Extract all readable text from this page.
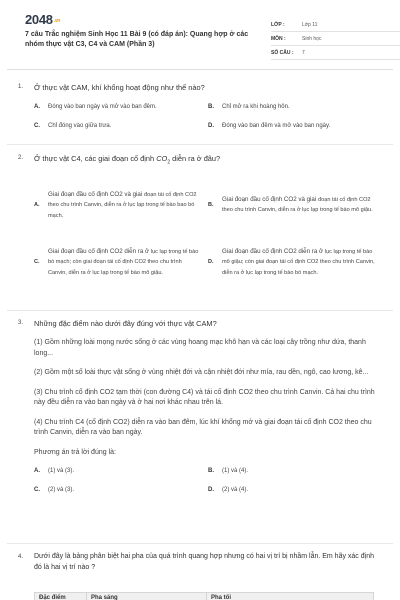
$2048^{.vn}$
7 câu Trắc nghiệm Sinh Học 11 Bài 9 (có đáp án): Quang hợp ở các nhóm thực vật C3, C4 và CAM (Phần 3)
LỚP :	Lớp 11
MÔN :	Sinh học
SỐ CÂU :	7
1.	Ở thực vật CAM, khí khổng hoạt động như thế nào?
A.	Đóng vào ban ngày và mở vào ban đêm.	B.	Chỉ mở ra khi hoàng hôn.
C.	Chỉ đóng vào giữa trưa.	D.	Đóng vào ban đêm và mở vào ban ngày.
2.	Ở thực vật C4, các giai đoạn cố định $CO_2$ diễn ra ở đâu?
A.
Giai đoạn đầu cố định CO2 và giai đoạn tái cố định CO2 theo chu trình Canvin, diễn ra ở lục lạp trong tế bào bao bó mạch.
B.
Giai đoạn đầu cố định CO2 và giai đoạn tái cố định CO2 theo chu trình Canvin, diễn ra ở lục lạp trong tế bào mô giậu.
C.
Giai đoạn đầu cố định CO2 diễn ra ở lục lạp trong tế bào bó mạch; còn giai đoạn tái cố định CO2 theo chu trình Canvin, diễn ra ở lục lạp trong tế bào mô giậu.
D.
Giai đoạn đầu cố định CO2 diễn ra ở lục lạp trong tế bào mô giậu; còn giai đoạn tái cố định CO2 theo chu trình Canvin, diễn ra ở lục lạp trong tế bào bó mạch.
3.	Những đặc điểm nào dưới đây đúng với thực vật CAM?
(1) Gồm những loài mọng nước sống ở các vùng hoang mạc khô hạn và các loại cây trồng như dứa, thanh long...
(2) Gồm một số loài thực vật sống ở vùng nhiệt đới và cận nhiệt đới như mía, rau dền, ngô, cao lương, kê...
(3) Chu trình cố định CO2 tạm thời (con đường C4) và tái cố định CO2 theo chu trình Canvin. Cả hai chu trình này đều diễn ra vào ban ngày và ở hai nơi khác nhau trên lá.
(4) Chu trình C4 (cố định CO2) diễn ra vào ban đêm, lúc khí khổng mở và giai đoạn tái cố định CO2 theo chu trình Canvin, diễn ra vào ban ngày.
Phương án trả lời đúng là:
A.	(1) và (3).	B.	(1) và (4).
C.	(2) và (3).	D.	(2) và (4).
4.	Dưới đây là bảng phân biệt hai pha của quá trình quang hợp nhưng có hai vị trí bị nhầm lẫn. Em hãy xác định đó là hai vị trí nào ?
Đặc điểm	Pha sáng	Pha tối
